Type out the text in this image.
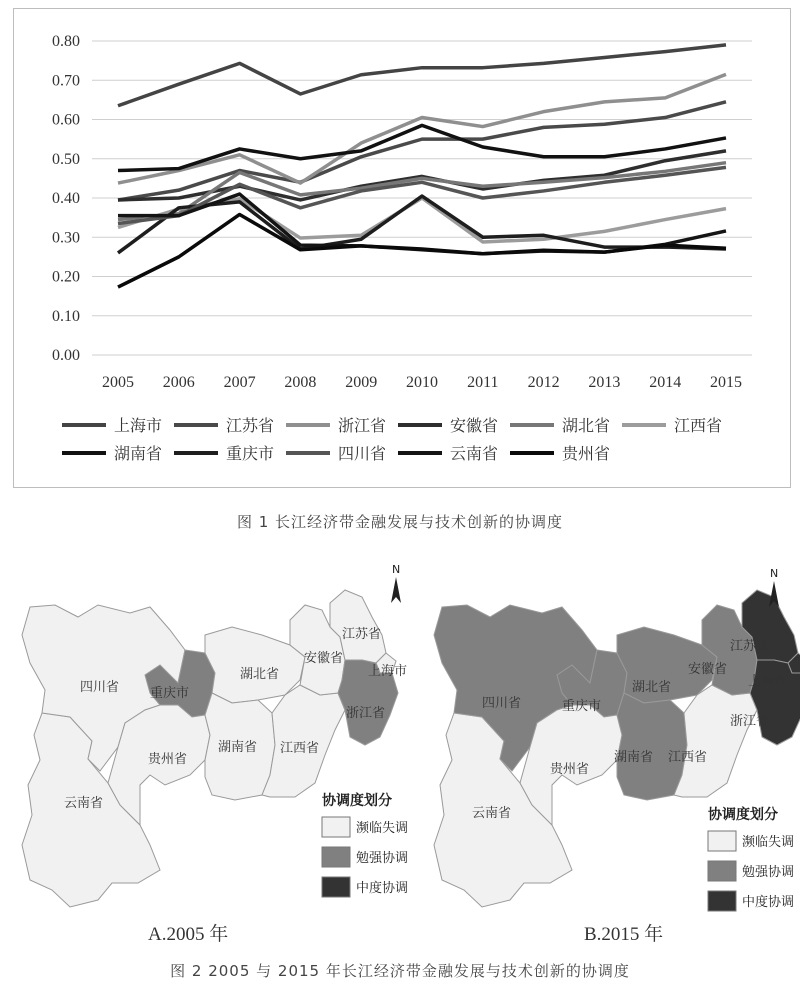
0.00
0.10
0.20
0.30
0.40
0.50
0.60
0.70
0.80
2005 2006 2007 2008 2009 2010 2011 2012 2013 2014 2015
上海市	江苏省	浙江省	安徽省	湖北省	江西省
湖南省	重庆市	四川省	云南省	贵州省
图 1 长江经济带金融发展与技术创新的协调度
四川省 重庆市
湖北省
安徽省
江苏省
上海市
浙江省
贵州省
湖南省 江西省
云南省
N
协调度划分
濒临失调
勉强协调
中度协调
A.2005 年
四川省	重庆市
湖北省
安徽省
江苏省
上海市
浙江省
贵州省
湖南省 江西省
云南省
N
协调度划分
濒临失调
勉强协调
中度协调
B.2015 年
图 2 2005 与 2015 年长江经济带金融发展与技术创新的协调度
